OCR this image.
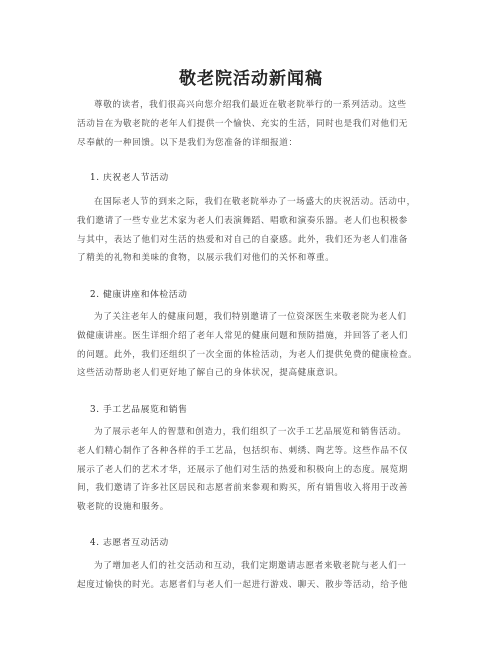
敬老院活动新闻稿
尊敬的读者，我们很高兴向您介绍我们最近在敬老院举行的一系列活动。这些
活动旨在为敬老院的老年人们提供一个愉快、充实的生活，同时也是我们对他们无
尽奉献的一种回馈。以下是我们为您准备的详细报道：
1. 庆祝老人节活动
在国际老人节的到来之际，我们在敬老院举办了一场盛大的庆祝活动。活动中，
我们邀请了一些专业艺术家为老人们表演舞蹈、唱歌和演奏乐器。老人们也积极参
与其中，表达了他们对生活的热爱和对自己的自豪感。此外，我们还为老人们准备
了精美的礼物和美味的食物，以展示我们对他们的关怀和尊重。
2. 健康讲座和体检活动
为了关注老年人的健康问题，我们特别邀请了一位资深医生来敬老院为老人们
做健康讲座。医生详细介绍了老年人常见的健康问题和预防措施，并回答了老人们
的问题。此外，我们还组织了一次全面的体检活动，为老人们提供免费的健康检查。
这些活动帮助老人们更好地了解自己的身体状况，提高健康意识。
3. 手工艺品展览和销售
为了展示老年人的智慧和创造力，我们组织了一次手工艺品展览和销售活动。
老人们精心制作了各种各样的手工艺品，包括织布、刺绣、陶艺等。这些作品不仅
展示了老人们的艺术才华，还展示了他们对生活的热爱和积极向上的态度。展览期
间，我们邀请了许多社区居民和志愿者前来参观和购买，所有销售收入将用于改善
敬老院的设施和服务。
4. 志愿者互动活动
为了增加老人们的社交活动和互动，我们定期邀请志愿者来敬老院与老人们一
起度过愉快的时光。志愿者们与老人们一起进行游戏、聊天、散步等活动，给予他
